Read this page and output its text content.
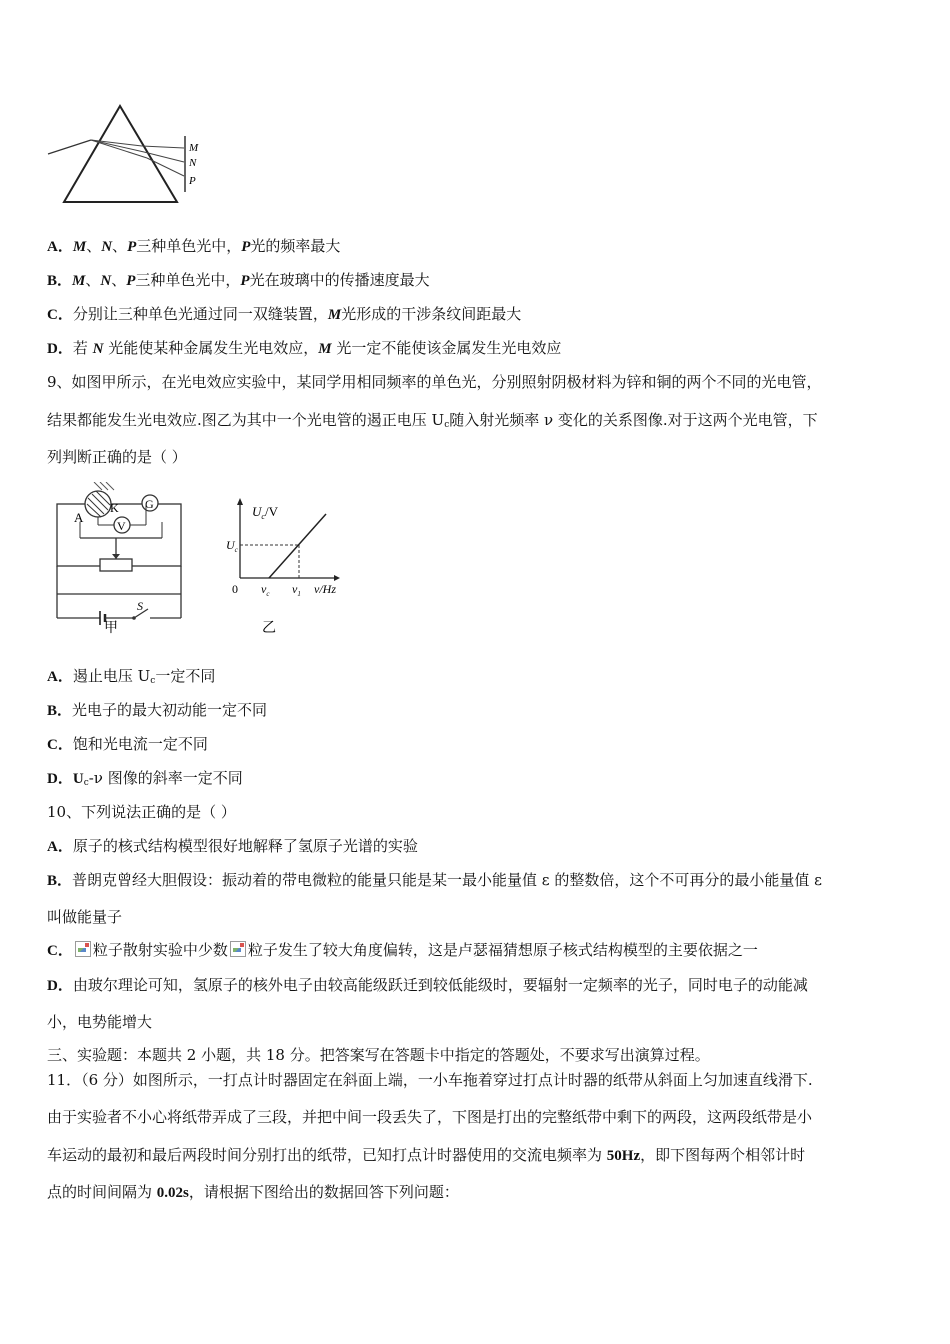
M
N
P
A．M、N、P三种单色光中，P光的频率最大
B．M、N、P三种单色光中，P光在玻璃中的传播速度最大
C．分别让三种单色光通过同一双缝装置，M光形成的干涉条纹间距最大
D．若 N 光能使某种金属发生光电效应，M 光一定不能使该金属发生光电效应
9、如图甲所示，在光电效应实验中，某同学用相同频率的单色光，分别照射阴极材料为锌和铜的两个不同的光电管，
结果都能发生光电效应.图乙为其中一个光电管的遏正电压 $U_c$随入射光频率 ν 变化的关系图像.对于这两个光电管，下
列判断正确的是（ ）
G
V
A
K
S
甲
$U_c/V$
$U_c$
0 $\nu_c$ $\nu_1$ ν/Hz
乙
A．遏止电压 $U_c$一定不同
B．光电子的最大初动能一定不同
C．饱和光电流一定不同
D．$U_c-\nu$ 图像的斜率一定不同
10、下列说法正确的是（ ）
A．原子的核式结构模型很好地解释了氢原子光谱的实验
B．普朗克曾经大胆假设：振动着的带电微粒的能量只能是某一最小能量值 ε 的整数倍，这个不可再分的最小能量值 ε
叫做能量子
C． 粒子散射实验中少数 粒子发生了较大角度偏转，这是卢瑟福猜想原子核式结构模型的主要依据之一
D．由玻尔理论可知，氢原子的核外电子由较高能级跃迁到较低能级时，要辐射一定频率的光子，同时电子的动能减
小，电势能增大
三、实验题：本题共 2 小题，共 18 分。把答案写在答题卡中指定的答题处，不要求写出演算过程。
11．（6 分）如图所示，一打点计时器固定在斜面上端，一小车拖着穿过打点计时器的纸带从斜面上匀加速直线滑下.
由于实验者不小心将纸带弄成了三段，并把中间一段丢失了，下图是打出的完整纸带中剩下的两段，这两段纸带是小
车运动的最初和最后两段时间分别打出的纸带，已知打点计时器使用的交流电频率为 50Hz，即下图每两个相邻计时
点的时间间隔为 0.02s，请根据下图给出的数据回答下列问题：
